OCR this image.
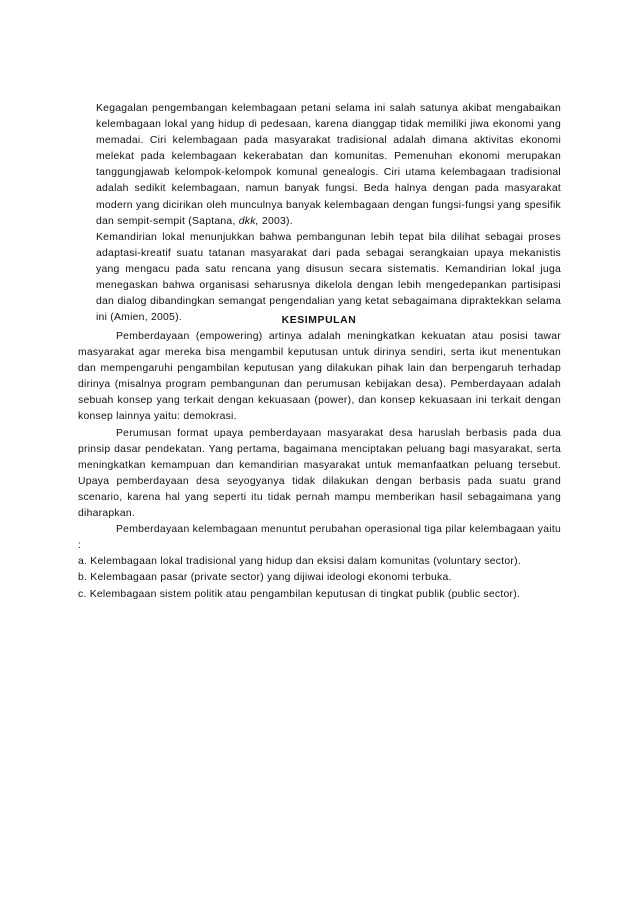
Kegagalan pengembangan kelembagaan petani selama ini salah satunya akibat mengabaikan kelembagaan lokal yang hidup di pedesaan, karena dianggap tidak memiliki jiwa ekonomi yang memadai. Ciri kelembagaan pada masyarakat tradisional adalah dimana aktivitas ekonomi melekat pada kelembagaan kekerabatan dan komunitas. Pemenuhan ekonomi merupakan tanggungjawab kelompok-kelompok komunal genealogis. Ciri utama kelembagaan tradisional adalah sedikit kelembagaan, namun banyak fungsi. Beda halnya dengan pada masyarakat modern yang dicirikan oleh munculnya banyak kelembagaan dengan fungsi-fungsi yang spesifik dan sempit-sempit (Saptana, dkk, 2003).

Kemandirian lokal menunjukkan bahwa pembangunan lebih tepat bila dilihat sebagai proses adaptasi-kreatif suatu tatanan masyarakat dari pada sebagai serangkaian upaya mekanistis yang mengacu pada satu rencana yang disusun secara sistematis. Kemandirian lokal juga menegaskan bahwa organisasi seharusnya dikelola dengan lebih mengedepankan partisipasi dan dialog dibandingkan semangat pengendalian yang ketat sebagaimana dipraktekkan selama ini (Amien, 2005).	KESIMPULAN

Pemberdayaan (empowering) artinya adalah meningkatkan kekuatan atau posisi tawar masyarakat agar mereka bisa mengambil keputusan untuk dirinya sendiri, serta ikut menentukan dan mempengaruhi pengambilan keputusan yang dilakukan pihak lain dan berpengaruh terhadap dirinya (misalnya program pembangunan dan perumusan kebijakan desa). Pemberdayaan adalah sebuah konsep yang terkait dengan kekuasaan (power), dan konsep kekuasaan ini terkait dengan konsep lainnya yaitu: demokrasi.

Perumusan format upaya pemberdayaan masyarakat desa haruslah berbasis pada dua prinsip dasar pendekatan. Yang pertama, bagaimana menciptakan peluang bagi masyarakat, serta meningkatkan kemampuan dan kemandirian masyarakat untuk memanfaatkan peluang tersebut. Upaya pemberdayaan desa seyogyanya tidak dilakukan dengan berbasis pada suatu grand scenario, karena hal yang seperti itu tidak pernah mampu memberikan hasil sebagaimana yang diharapkan.

Pemberdayaan kelembagaan menuntut perubahan operasional tiga pilar kelembagaan yaitu :

a. Kelembagaan lokal tradisional yang hidup dan eksisi dalam komunitas (voluntary sector).

b. Kelembagaan pasar (private sector) yang dijiwai ideologi ekonomi terbuka.

c. Kelembagaan sistem politik atau pengambilan keputusan di tingkat publik (public sector).
